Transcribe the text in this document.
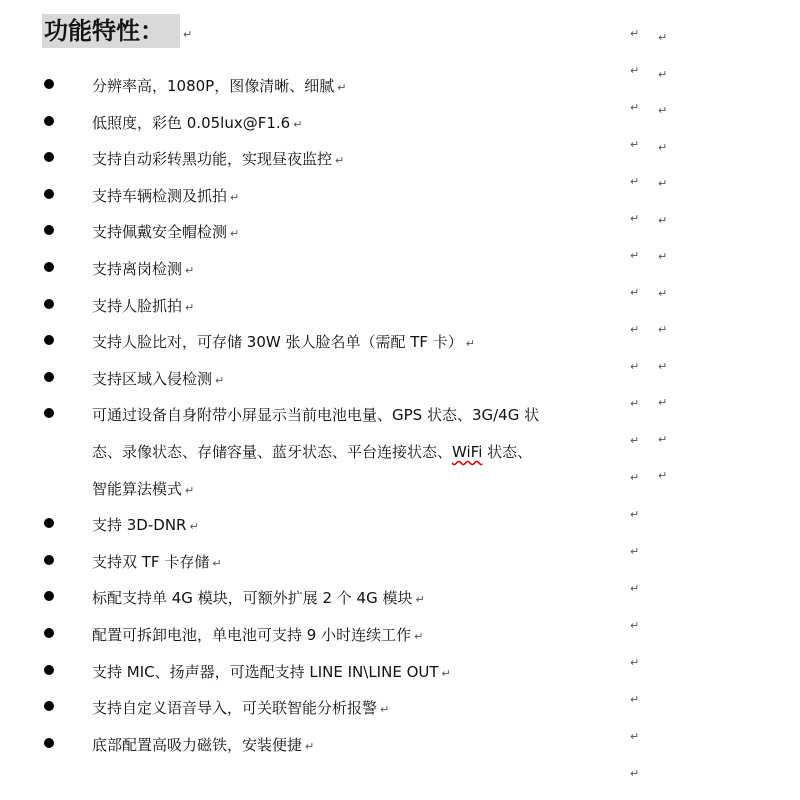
功能特性：	↵
分辨率高，1080P，图像清晰、细腻 ↵
低照度，彩色 0.05lux@F1.6 ↵
支持自动彩转黑功能，实现昼夜监控 ↵
支持车辆检测及抓拍 ↵
支持佩戴安全帽检测 ↵
支持离岗检测 ↵
支持人脸抓拍 ↵
支持人脸比对，可存储 30W 张人脸名单（需配 TF 卡） ↵
支持区域入侵检测 ↵
可通过设备自身附带小屏显示当前电池电量、GPS 状态、3G/4G 状
态、录像状态、存储容量、蓝牙状态、平台连接状态、WiFi 状态、
智能算法模式 ↵
支持 3D-DNR ↵
支持双 TF 卡存储 ↵
标配支持单 4G 模块，可额外扩展 2 个 4G 模块 ↵
配置可拆卸电池，单电池可支持 9 小时连续工作 ↵
支持 MIC、扬声器，可选配支持 LINE IN\LINE OUT ↵
支持自定义语音导入，可关联智能分析报警 ↵
底部配置高吸力磁铁，安装便捷 ↵
↵
↵
↵
↵
↵
↵
↵
↵
↵
↵
↵
↵
↵
↵
↵
↵
↵
↵
↵
↵
↵
↵
↵
↵
↵
↵
↵
↵
↵
↵
↵
↵
↵
↵
